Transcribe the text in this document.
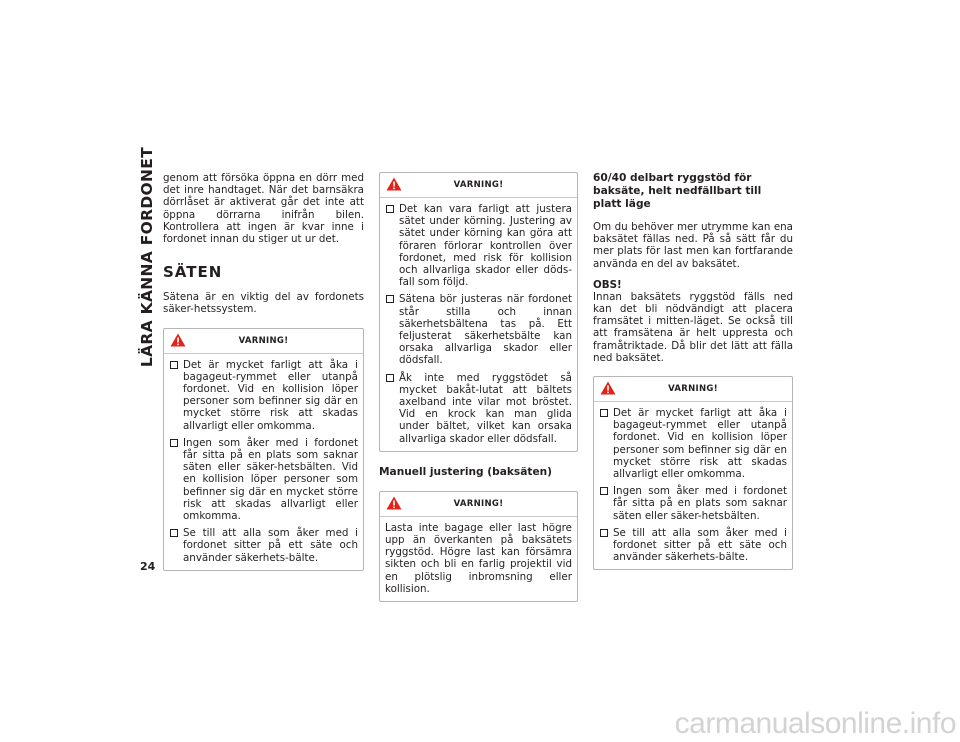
LÄRA KÄNNA FORDONET
24

genom att försöka öppna en dörr med det inre handtaget. När det barnsäkra dörrlåset är aktiverat går det inte att öppna dörrarna inifrån bilen. Kontrollera att ingen är kvar inne i fordonet innan du stiger ut ur det.

SÄTEN

Sätena är en viktig del av fordonets säker-hetssystem.

VARNING!
Det är mycket farligt att åka i bagageut-rymmet eller utanpå fordonet. Vid en kollision löper personer som befinner sig där en mycket större risk att skadas allvarligt eller omkomma.
Ingen som åker med i fordonet får sitta på en plats som saknar säten eller säker-hetsbälten. Vid en kollision löper personer som befinner sig där en mycket större risk att skadas allvarligt eller omkomma.
Se till att alla som åker med i fordonet sitter på ett säte och använder säkerhets-bälte.
VARNING!
Det kan vara farligt att justera sätet under körning. Justering av sätet under körning kan göra att föraren förlorar kontrollen över fordonet, med risk för kollision och allvarliga skador eller döds-fall som följd.
Sätena bör justeras när fordonet står stilla och innan säkerhetsbältena tas på. Ett feljusterat säkerhetsbälte kan orsaka allvarliga skador eller dödsfall.
Åk inte med ryggstödet så mycket bakåt-lutat att bältets axelband inte vilar mot bröstet. Vid en krock kan man glida under bältet, vilket kan orsaka allvarliga skador eller dödsfall.
Manuell justering (baksäten)
VARNING!

Lasta inte bagage eller last högre upp än överkanten på baksätets ryggstöd. Högre last kan försämra sikten och bli en farlig projektil vid en plötslig inbromsning eller kollision.

60/40 delbart ryggstöd för baksäte, helt nedfällbart till platt läge

Om du behöver mer utrymme kan ena baksätet fällas ned. På så sätt får du mer plats för last men kan fortfarande använda en del av baksätet.

OBS!

Innan baksätets ryggstöd fälls ned kan det bli nödvändigt att placera framsätet i mitten-läget. Se också till att framsätena är helt uppresta och framåtriktade. Då blir det lätt att fälla ned baksätet.

VARNING!
Det är mycket farligt att åka i bagageut-rymmet eller utanpå fordonet. Vid en kollision löper personer som befinner sig där en mycket större risk att skadas allvarligt eller omkomma.
Ingen som åker med i fordonet får sitta på en plats som saknar säten eller säker-hetsbälten.
Se till att alla som åker med i fordonet sitter på ett säte och använder säkerhets-bälte.
carmanualsonline.info
